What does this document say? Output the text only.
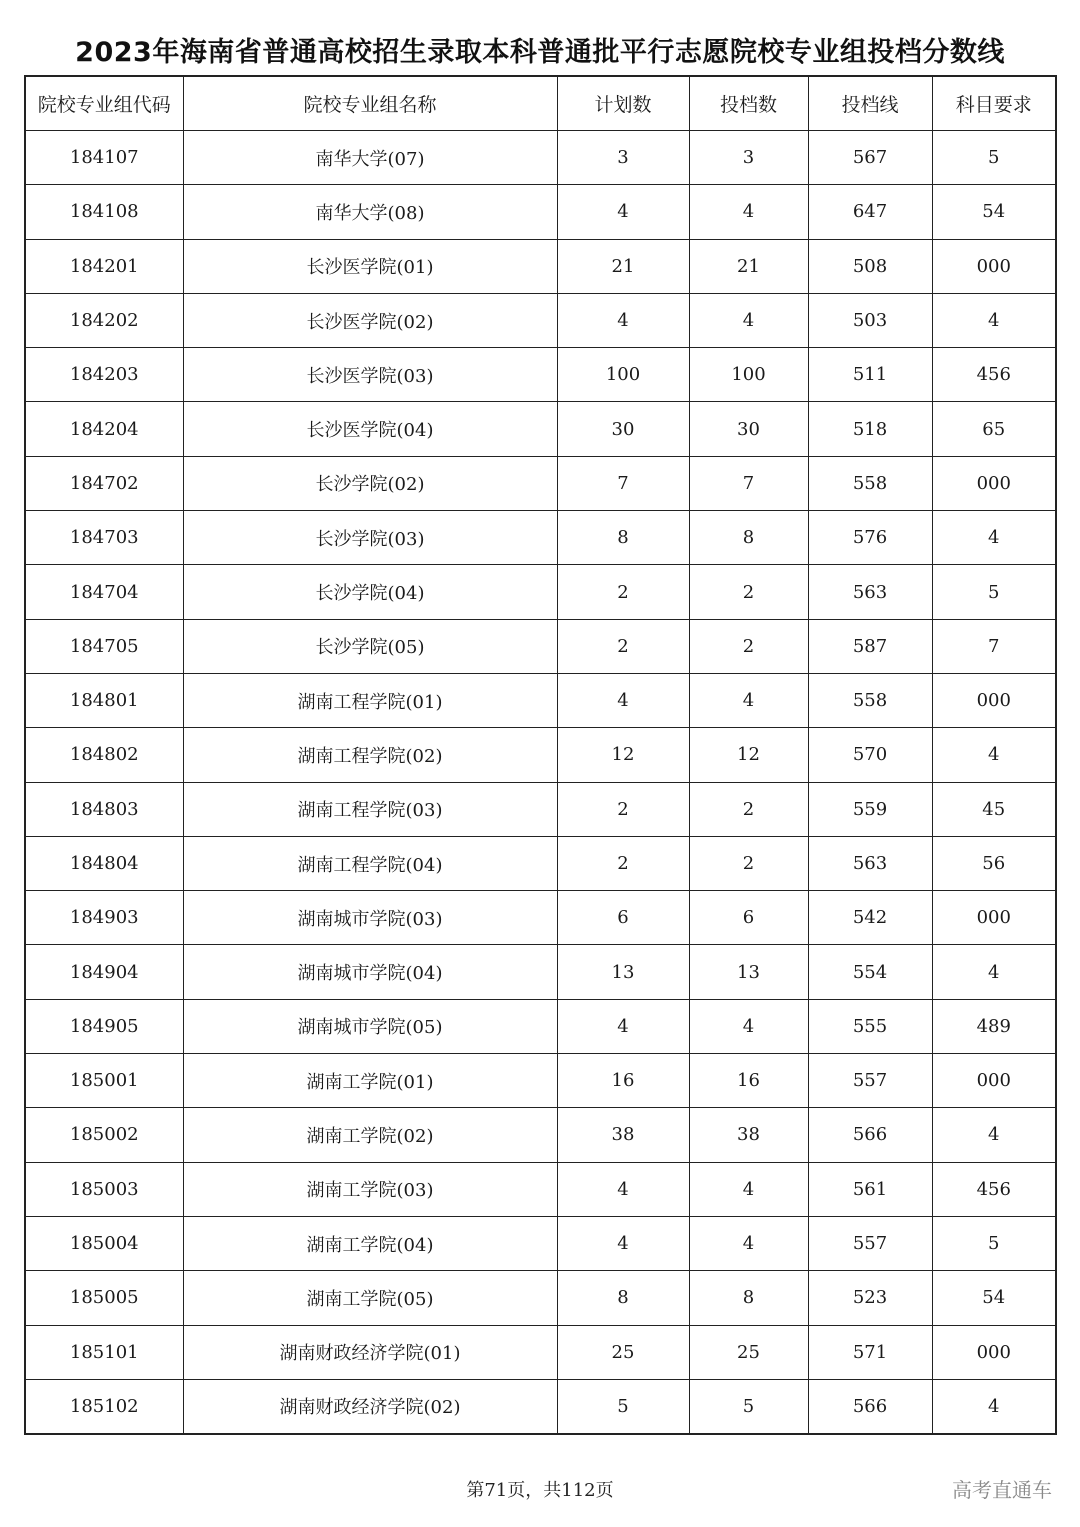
2023年海南省普通高校招生录取本科普通批平行志愿院校专业组投档分数线
院校专业组代码	院校专业组名称	计划数	投档数	投档线	科目要求
184107	南华大学(07)	3	3	567	5
184108	南华大学(08)	4	4	647	54
184201	长沙医学院(01)	21	21	508	000
184202	长沙医学院(02)	4	4	503	4
184203	长沙医学院(03)	100	100	511	456
184204	长沙医学院(04)	30	30	518	65
184702	长沙学院(02)	7	7	558	000
184703	长沙学院(03)	8	8	576	4
184704	长沙学院(04)	2	2	563	5
184705	长沙学院(05)	2	2	587	7
184801	湖南工程学院(01)	4	4	558	000
184802	湖南工程学院(02)	12	12	570	4
184803	湖南工程学院(03)	2	2	559	45
184804	湖南工程学院(04)	2	2	563	56
184903	湖南城市学院(03)	6	6	542	000
184904	湖南城市学院(04)	13	13	554	4
184905	湖南城市学院(05)	4	4	555	489
185001	湖南工学院(01)	16	16	557	000
185002	湖南工学院(02)	38	38	566	4
185003	湖南工学院(03)	4	4	561	456
185004	湖南工学院(04)	4	4	557	5
185005	湖南工学院(05)	8	8	523	54
185101	湖南财政经济学院(01)	25	25	571	000
185102	湖南财政经济学院(02)	5	5	566	4
第71页，共112页	高考直通车
